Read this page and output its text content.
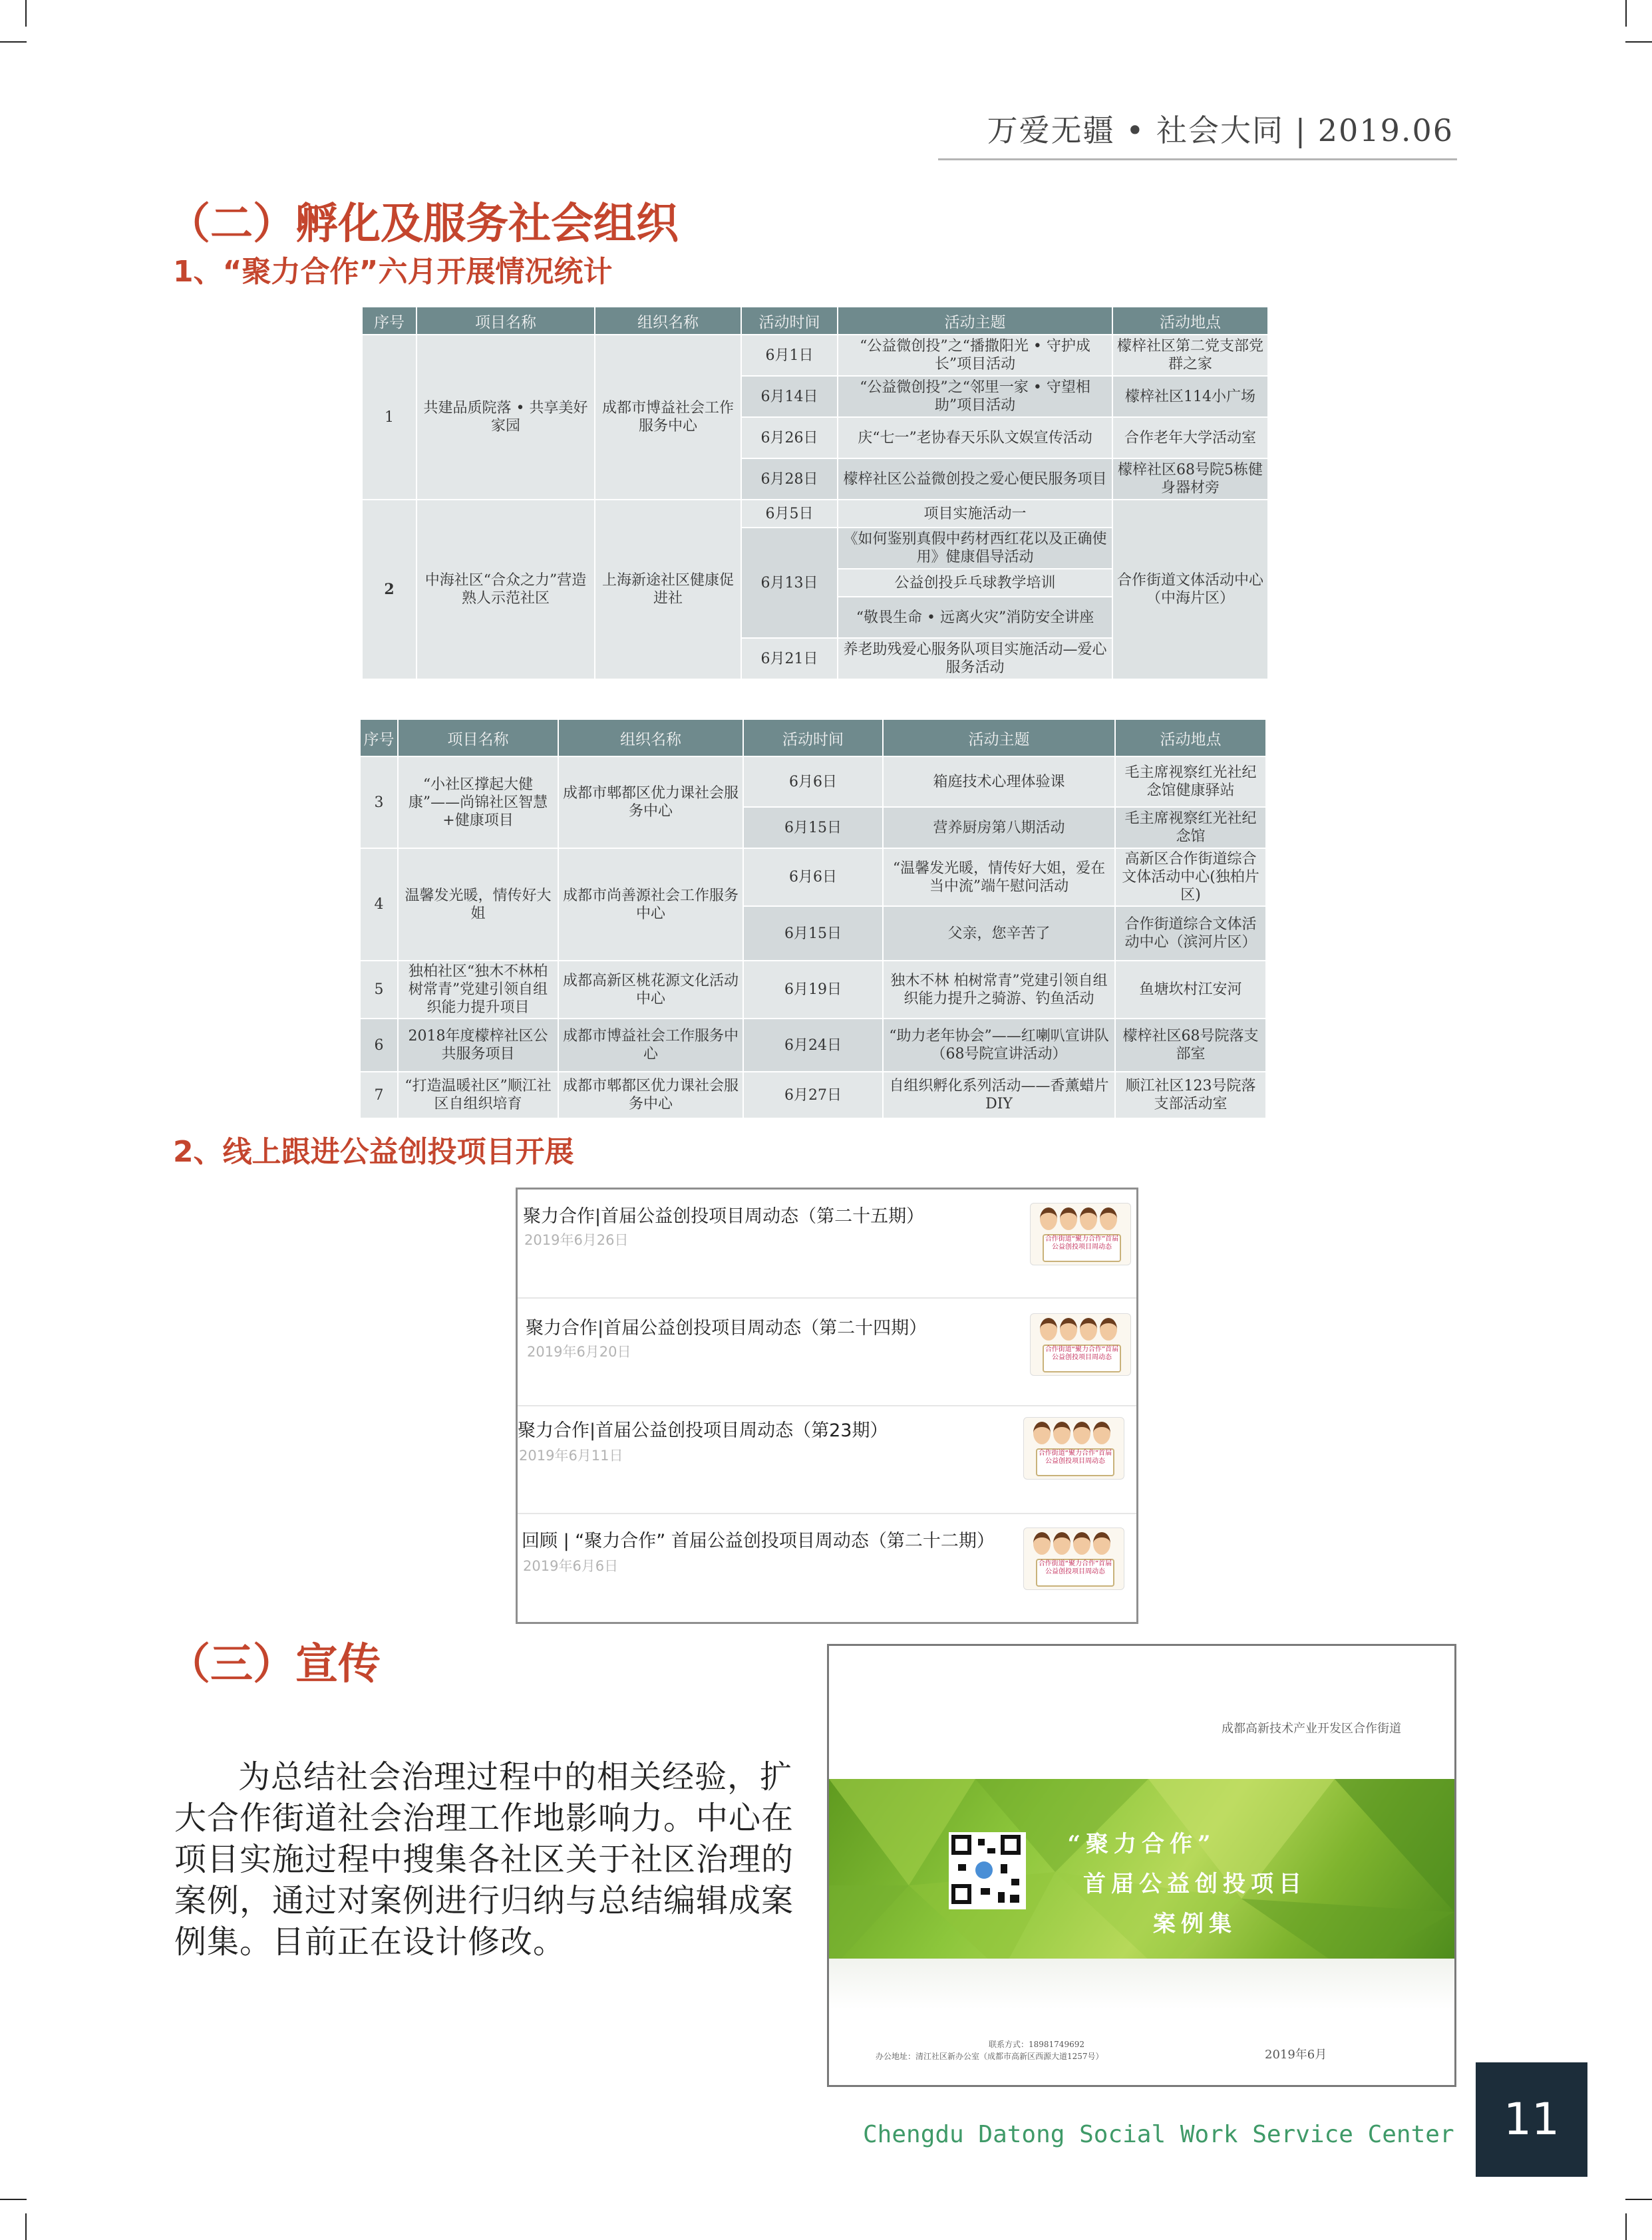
万爱无疆 • 社会大同 | 2019.06
（二）孵化及服务社会组织
1、“聚力合作”六月开展情况统计
序号	项目名称	组织名称	活动时间	活动主题	活动地点
1	共建品质院落 • 共享美好家园	成都市博益社会工作服务中心	6月1日	“公益微创投”之“播撒阳光 • 守护成长”项目活动	檬梓社区第二党支部党群之家
			6月14日	“公益微创投”之“邻里一家 • 守望相助”项目活动	檬梓社区114小广场
			6月26日	庆“七一”老协春天乐队文娱宣传活动	合作老年大学活动室
			6月28日	檬梓社区公益微创投之爱心便民服务项目	檬梓社区68号院5栋健身器材旁
2	中海社区“合众之力”营造熟人示范社区	上海新途社区健康促进社	6月5日	项目实施活动一	合作街道文体活动中心（中海片区）
			6月13日	《如何鉴别真假中药材西红花以及正确使用》健康倡导活动	
				公益创投乒乓球教学培训	
				“敬畏生命 • 远离火灾”消防安全讲座	
			6月21日	养老助残爱心服务队项目实施活动—爱心服务活动	
序号	项目名称	组织名称	活动时间	活动主题	活动地点
3	“小社区撑起大健康”——尚锦社区智慧+健康项目	成都市郫都区优力课社会服务中心	6月6日	箱庭技术心理体验课	毛主席视察红光社纪念馆健康驿站
			6月15日	营养厨房第八期活动	毛主席视察红光社纪念馆
4	温馨发光暖，情传好大姐	成都市尚善源社会工作服务中心	6月6日	“温馨发光暖，情传好大姐，爱在当中流”端午慰问活动	高新区合作街道综合文体活动中心(独柏片区)
			6月15日	父亲，您辛苦了	合作街道综合文体活动中心（滨河片区）
5	独柏社区“独木不林柏树常青”党建引领自组织能力提升项目	成都高新区桃花源文化活动中心	6月19日	独木不林 柏树常青”党建引领自组织能力提升之骑游、钓鱼活动	鱼塘坎村江安河
6	2018年度檬梓社区公共服务项目	成都市博益社会工作服务中心	6月24日	“助力老年协会”——红喇叭宣讲队（68号院宣讲活动）	檬梓社区68号院落支部室
7	“打造温暖社区”顺江社区自组织培育	成都市郫都区优力课社会服务中心	6月27日	自组织孵化系列活动——香薰蜡片DIY	顺江社区123号院落支部活动室
2、线上跟进公益创投项目开展
聚力合作|首届公益创投项目周动态（第二十五期）
2019年6月26日	合作街道“聚力合作”首届公益创投项目周动态
聚力合作|首届公益创投项目周动态（第二十四期）
2019年6月20日	合作街道“聚力合作”首届公益创投项目周动态
聚力合作|首届公益创投项目周动态（第23期）
2019年6月11日	合作街道“聚力合作”首届公益创投项目周动态
回顾 | “聚力合作” 首届公益创投项目周动态（第二十二期）
2019年6月6日	合作街道“聚力合作”首届公益创投项目周动态
（三）宣传
为总结社会治理过程中的相关经验，扩大合作街道社会治理工作地影响力。中心在项目实施过程中搜集各社区关于社区治理的案例，通过对案例进行归纳与总结编辑成案例集。目前正在设计修改。
成都高新技术产业开发区合作街道
“聚力合作”
首届公益创投项目
案例集
联系方式：18981749692
办公地址：清江社区新办公室（成都市高新区西源大道1257号）	2019年6月
Chengdu Datong Social Work Service Center	11
